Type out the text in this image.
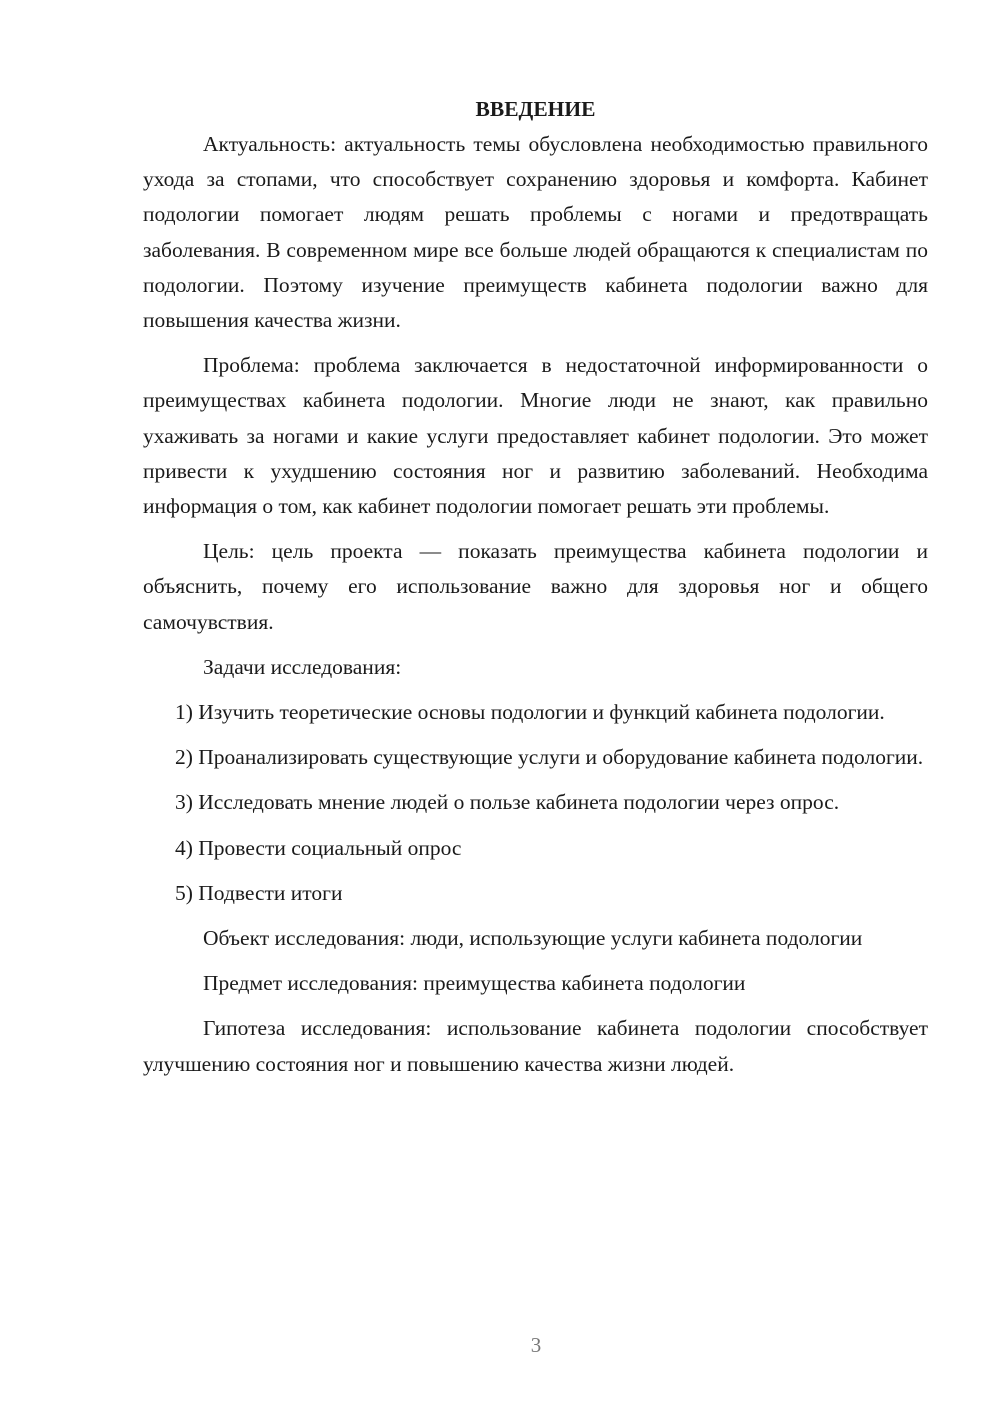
ВВЕДЕНИЕ

Актуальность: актуальность темы обусловлена необходимостью правильного ухода за стопами, что способствует сохранению здоровья и комфорта. Кабинет подологии помогает людям решать проблемы с ногами и предотвращать заболевания. В современном мире все больше людей обращаются к специалистам по подологии. Поэтому изучение преимуществ кабинета подологии важно для повышения качества жизни.

Проблема: проблема заключается в недостаточной информированности о преимуществах кабинета подологии. Многие люди не знают, как правильно ухаживать за ногами и какие услуги предоставляет кабинет подологии. Это может привести к ухудшению состояния ног и развитию заболеваний. Необходима информация о том, как кабинет подологии помогает решать эти проблемы.

Цель: цель проекта — показать преимущества кабинета подологии и объяснить, почему его использование важно для здоровья ног и общего самочувствия.

Задачи исследования:

1) Изучить теоретические основы подологии и функций кабинета подологии.

2) Проанализировать существующие услуги и оборудование кабинета подологии.

3) Исследовать мнение людей о пользе кабинета подологии через опрос.

4) Провести социальный опрос

5) Подвести итоги

Объект исследования: люди, использующие услуги кабинета подологии

Предмет исследования: преимущества кабинета подологии

Гипотеза исследования: использование кабинета подологии способствует улучшению состояния ног и повышению качества жизни людей.

3
